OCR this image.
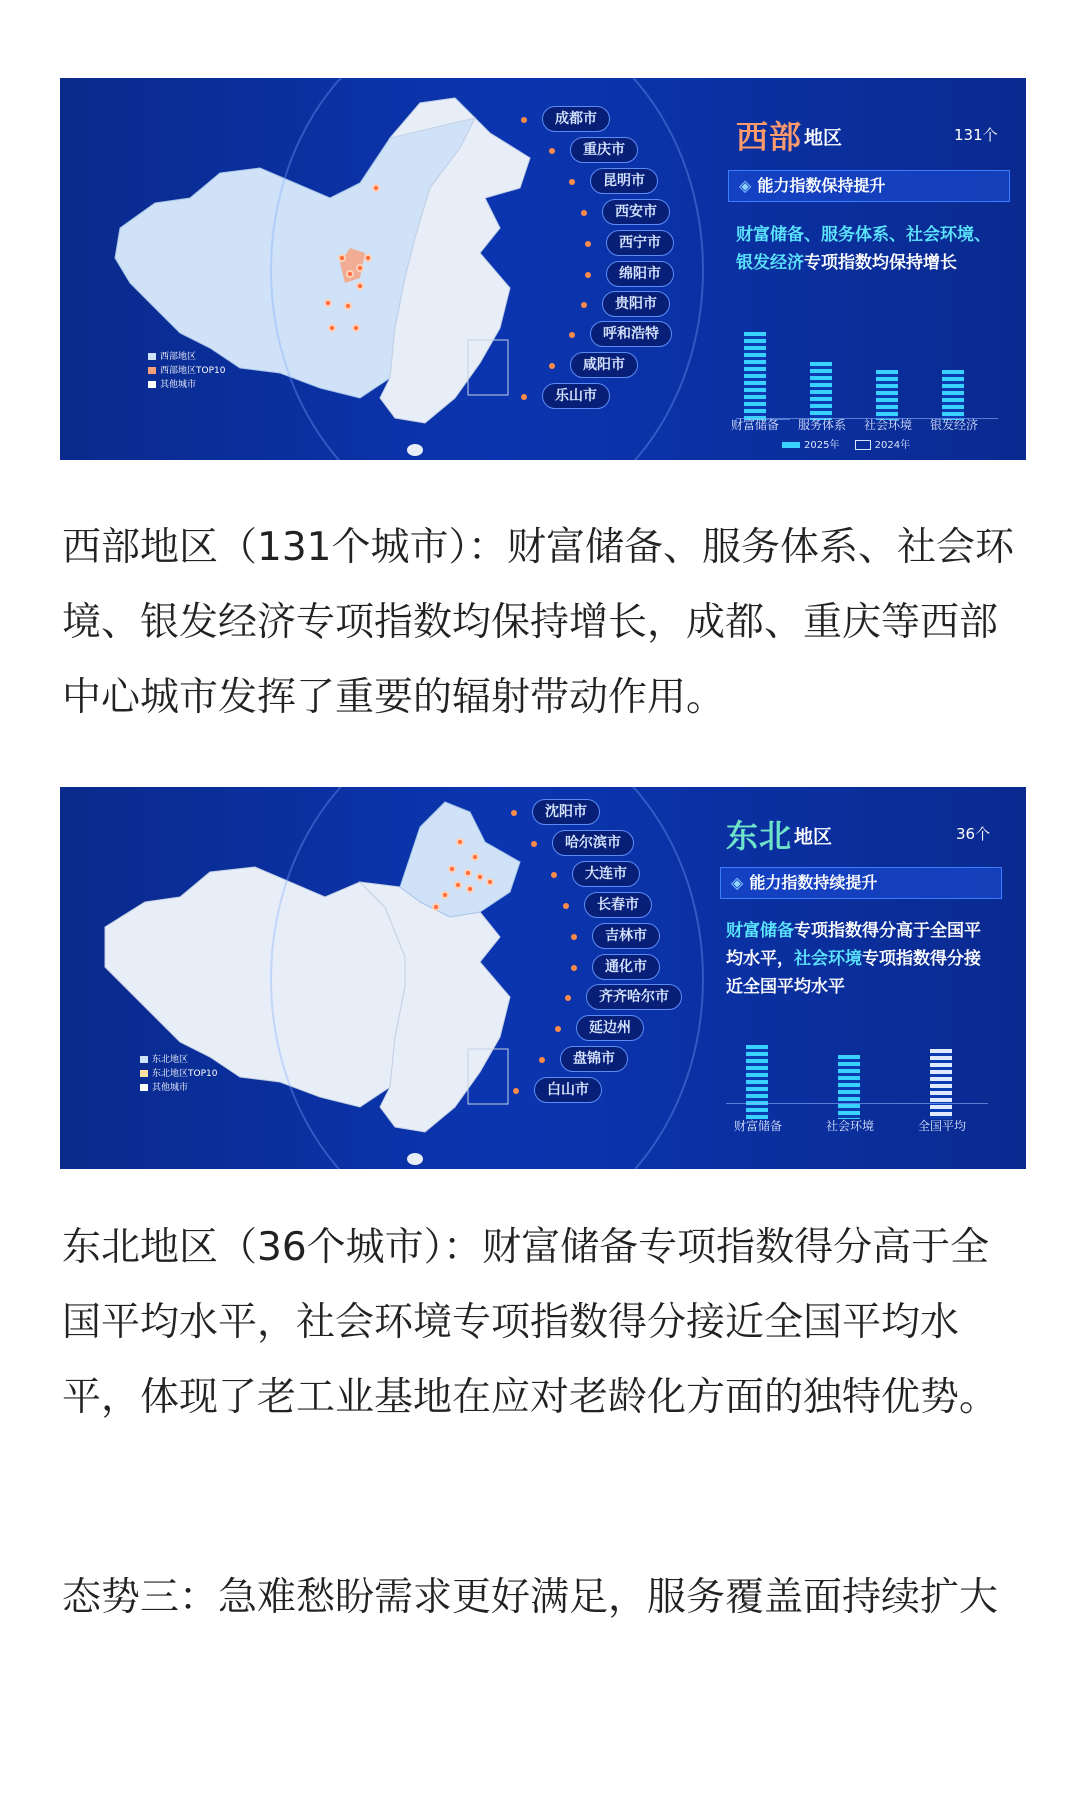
西部地区
西部地区TOP10
其他城市
成都市
重庆市
昆明市
西安市
西宁市
绵阳市
贵阳市
呼和浩特
咸阳市
乐山市
西部 地区	131个
◈ 能力指数保持提升
财富储备、服务体系、社会环境、银发经济专项指数均保持增长
财富储备	服务体系	社会环境	银发经济
2025年	2024年
西部地区（131个城市）：财富储备、服务体系、社会环境、银发经济专项指数均保持增长，成都、重庆等西部中心城市发挥了重要的辐射带动作用。
东北地区
东北地区TOP10
其他城市
沈阳市
哈尔滨市
大连市
长春市
吉林市
通化市
齐齐哈尔市
延边州
盘锦市
白山市
东北 地区	36个
◈ 能力指数持续提升
财富储备专项指数得分高于全国平均水平，社会环境专项指数得分接近全国平均水平
财富储备	社会环境	全国平均
东北地区（36个城市）：财富储备专项指数得分高于全国平均水平，社会环境专项指数得分接近全国平均水平，体现了老工业基地在应对老龄化方面的独特优势。
态势三：急难愁盼需求更好满足，服务覆盖面持续扩大
